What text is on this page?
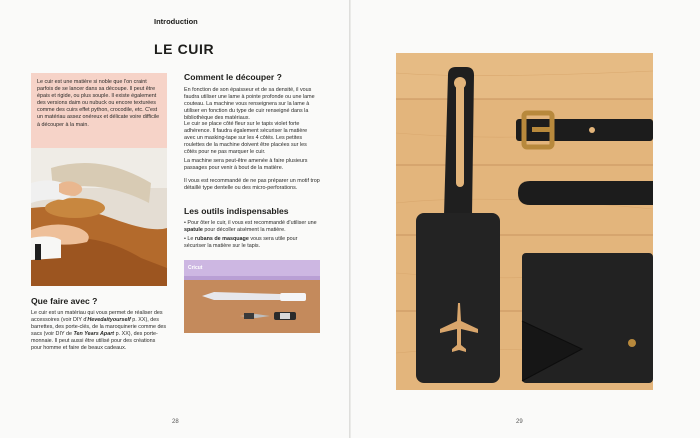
Introduction
LE CUIR
Le cuir est une matière si noble que l'on craint parfois de se lancer dans sa découpe. Il peut être épais et rigide, ou plus souple. Il existe également des versions daim ou nubuck ou encore texturées comme des cuirs effet python, crocodile, etc. C'est un matériau assez onéreux et délicate voire difficile à découper à la main.
Comment le découper ?
En fonction de son épaisseur et de sa densité, il vous faudra utiliser une lame à pointe profonde ou une lame couteau. La machine vous renseignera sur la lame à utiliser en fonction du type de cuir renseigné dans la bibliothèque des matériaux.
Le cuir se place côté fleur sur le tapis violet forte adhérence. Il faudra également sécuriser la matière avec un masking-tape sur les 4 côtés. Les petites roulettes de la machine doivent être placées sur les côtés pour ne pas marquer le cuir.
La machine sera peut-être amenée à faire plusieurs passages pour venir à bout de la matière.
Il vous est recommandé de ne pas préparer un motif trop détaillé type dentelle ou des micro-perforations.
Les outils indispensables
• Pour ôter le cuir, il vous est recommandé d'utiliser une spatule pour décoller aisément la matière.
• Le rubans de masquage vous sera utile pour sécuriser la matière sur le tapis.
Cricut
Que faire avec ?
Le cuir est un matériau qui vous permet de réaliser des accessoires (voir DIY d'Hevedaityourself p. XX), des barrettes, des porte-clés, de la maroquinerie comme des sacs (voir DIY de Ten Years Apart p. XX), des porte-monnaie. Il peut aussi être utilisé pour des créations pour homme et faire de beaux cadeaux.
28	29
